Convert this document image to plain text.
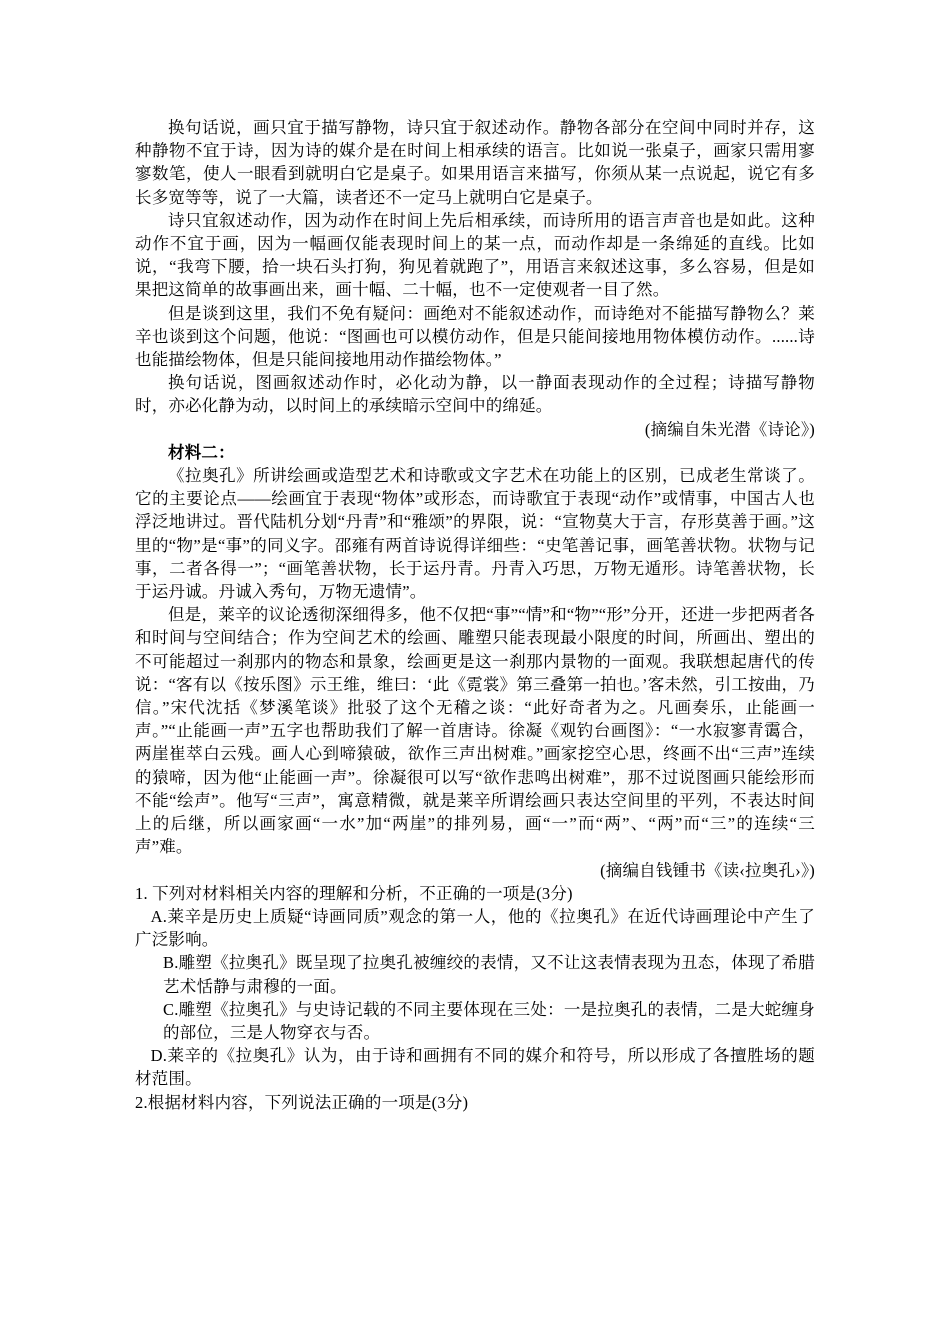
换句话说，画只宜于描写静物，诗只宜于叙述动作。静物各部分在空间中同时并存，这种静物不宜于诗，因为诗的媒介是在时间上相承续的语言。比如说一张桌子，画家只需用寥寥数笔，使人一眼看到就明白它是桌子。如果用语言来描写，你须从某一点说起，说它有多长多宽等等，说了一大篇，读者还不一定马上就明白它是桌子。

诗只宜叙述动作，因为动作在时间上先后相承续，而诗所用的语言声音也是如此。这种动作不宜于画，因为一幅画仅能表现时间上的某一点，而动作却是一条绵延的直线。比如说，“我弯下腰，拾一块石头打狗，狗见着就跑了”，用语言来叙述这事，多么容易，但是如果把这简单的故事画出来，画十幅、二十幅，也不一定使观者一目了然。

但是谈到这里，我们不免有疑问：画绝对不能叙述动作，而诗绝对不能描写静物么？莱辛也谈到这个问题，他说：“图画也可以模仿动作，但是只能间接地用物体模仿动作。......诗也能描绘物体，但是只能间接地用动作描绘物体。”

换句话说，图画叙述动作时，必化动为静，以一静面表现动作的全过程；诗描写静物时，亦必化静为动，以时间上的承续暗示空间中的绵延。

(摘编自朱光潜《诗论》)

材料二：

《拉奥孔》所讲绘画或造型艺术和诗歌或文字艺术在功能上的区别，已成老生常谈了。它的主要论点——绘画宜于表现“物体”或形态，而诗歌宜于表现“动作”或情事，中国古人也浮泛地讲过。晋代陆机分划“丹青”和“雅颂”的界限，说：“宣物莫大于言，存形莫善于画。”这里的“物”是“事”的同义字。邵雍有两首诗说得详细些：“史笔善记事，画笔善状物。状物与记事，二者各得一”；“画笔善状物，长于运丹青。丹青入巧思，万物无遁形。诗笔善状物，长于运丹诚。丹诚入秀句，万物无遗情”。

但是，莱辛的议论透彻深细得多，他不仅把“事”“情”和“物”“形”分开，还进一步把两者各和时间与空间结合；作为空间艺术的绘画、雕塑只能表现最小限度的时间，所画出、塑出的不可能超过一刹那内的物态和景象，绘画更是这一刹那内景物的一面观。我联想起唐代的传说：“客有以《按乐图》示王维，维曰：‘此《霓裳》第三叠第一拍也。’客未然，引工按曲，乃信。”宋代沈括《梦溪笔谈》批驳了这个无稽之谈：“此好奇者为之。凡画奏乐，止能画一声。”“止能画一声”五字也帮助我们了解一首唐诗。徐凝《观钓台画图》：“一水寂寥青霭合，两崖崔萃白云残。画人心到啼猿破，欲作三声出树难。”画家挖空心思，终画不出“三声”连续的猿啼，因为他“止能画一声”。徐凝很可以写“欲作悲鸣出树难”，那不过说图画只能绘形而不能“绘声”。他写“三声”，寓意精微，就是莱辛所谓绘画只表达空间里的平列，不表达时间上的后继，所以画家画“一水”加“两崖”的排列易，画“一”而“两”、“两”而“三”的连续“三声”难。

(摘编自钱锺书《读‹拉奥孔›》)

1. 下列对材料相关内容的理解和分析，不正确的一项是(3分)

A.莱辛是历史上质疑“诗画同质”观念的第一人，他的《拉奥孔》在近代诗画理论中产生了广泛影响。

B.雕塑《拉奥孔》既呈现了拉奥孔被缠绞的表情，又不让这表情表现为丑态，体现了希腊艺术恬静与肃穆的一面。

C.雕塑《拉奥孔》与史诗记载的不同主要体现在三处：一是拉奥孔的表情，二是大蛇缠身的部位，三是人物穿衣与否。

D.莱辛的《拉奥孔》认为，由于诗和画拥有不同的媒介和符号，所以形成了各擅胜场的题材范围。

2.根据材料内容，下列说法正确的一项是(3分)
